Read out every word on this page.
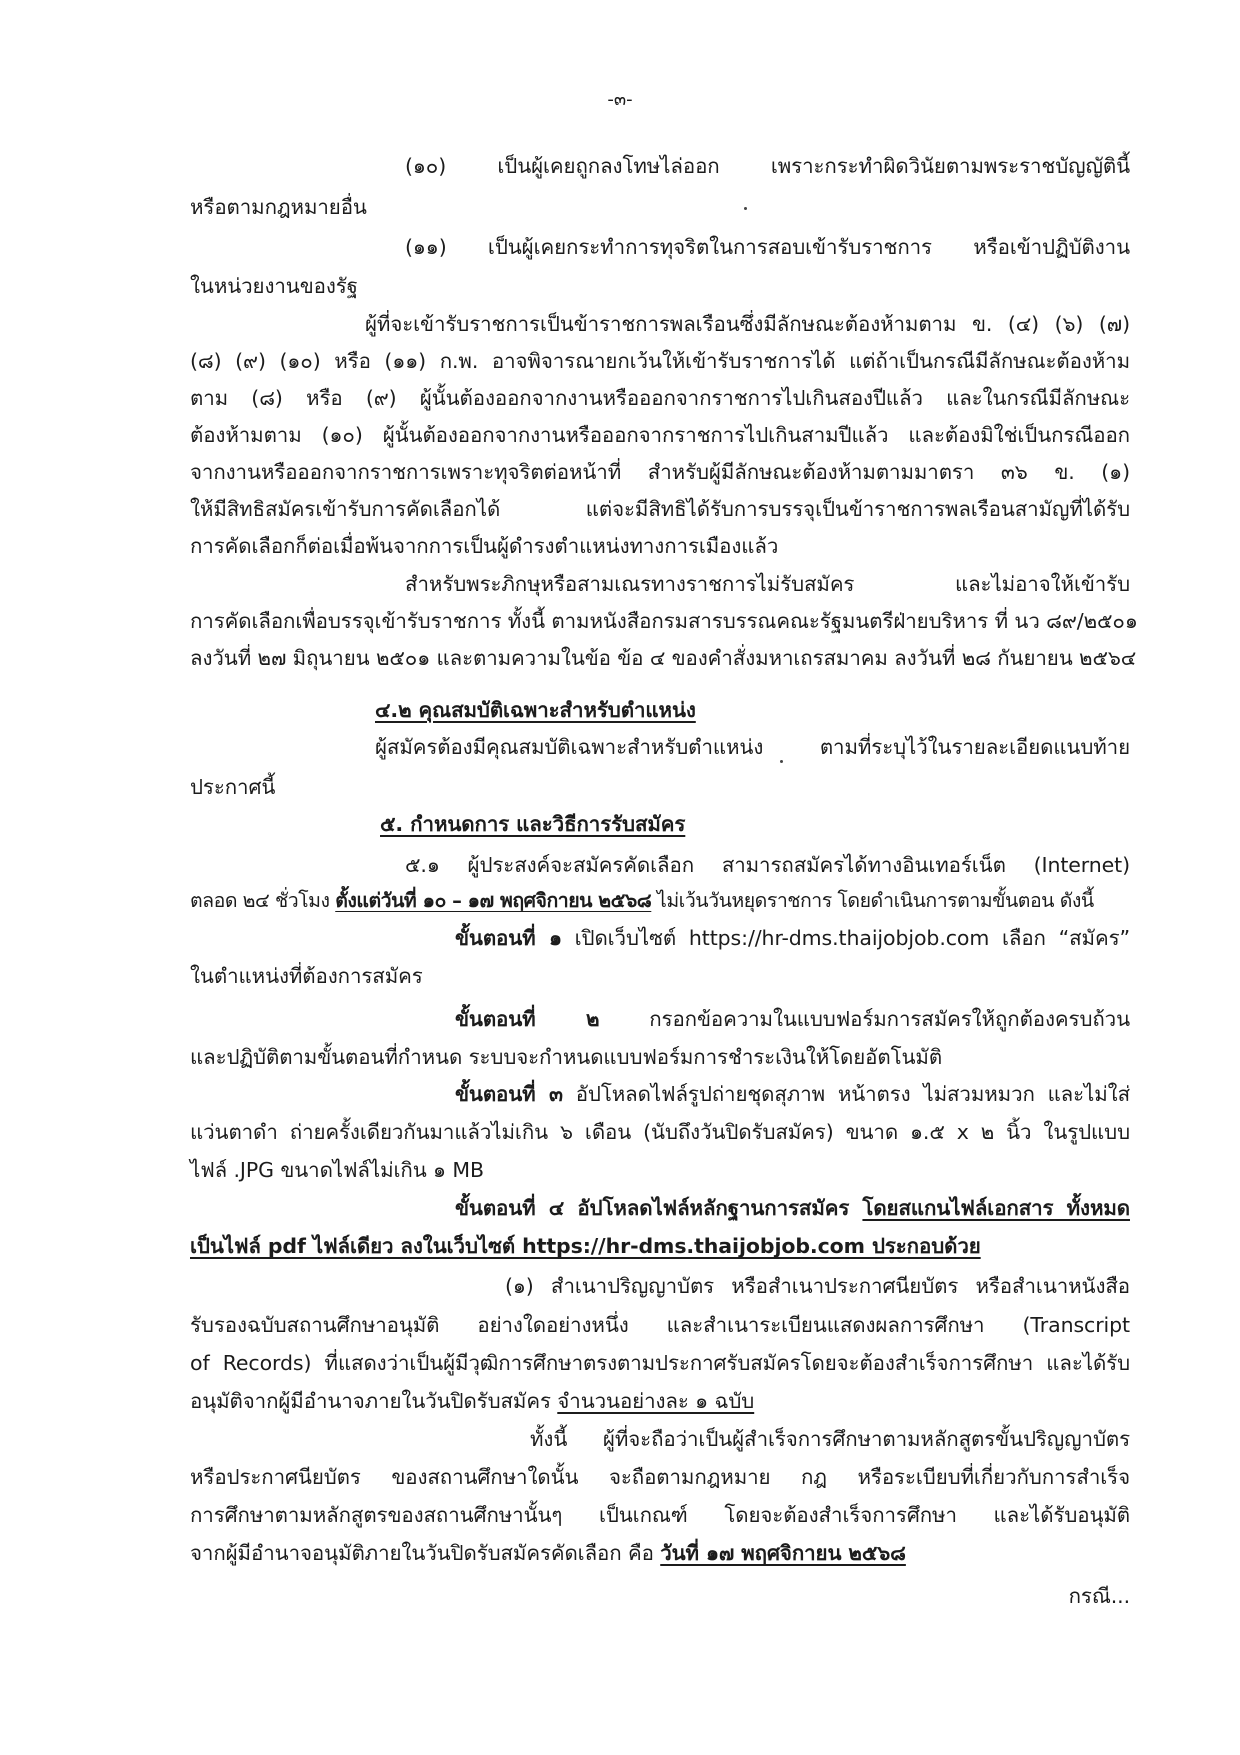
-๓-
(๑๐) เป็นผู้เคยถูกลงโทษไล่ออก เพราะกระทำผิดวินัยตามพระราชบัญญัตินี้
หรือตามกฎหมายอื่น
(๑๑) เป็นผู้เคยกระทำการทุจริตในการสอบเข้ารับราชการ หรือเข้าปฏิบัติงาน
ในหน่วยงานของรัฐ
ผู้ที่จะเข้ารับราชการเป็นข้าราชการพลเรือนซึ่งมีลักษณะต้องห้ามตาม ข. (๔) (๖) (๗)
(๘) (๙) (๑๐) หรือ (๑๑) ก.พ. อาจพิจารณายกเว้นให้เข้ารับราชการได้ แต่ถ้าเป็นกรณีมีลักษณะต้องห้าม
ตาม (๘) หรือ (๙) ผู้นั้นต้องออกจากงานหรือออกจากราชการไปเกินสองปีแล้ว และในกรณีมีลักษณะ
ต้องห้ามตาม (๑๐) ผู้นั้นต้องออกจากงานหรือออกจากราชการไปเกินสามปีแล้ว และต้องมิใช่เป็นกรณีออก
จากงานหรือออกจากราชการเพราะทุจริตต่อหน้าที่ สำหรับผู้มีลักษณะต้องห้ามตามมาตรา ๓๖ ข. (๑)
ให้มีสิทธิสมัครเข้ารับการคัดเลือกได้ แต่จะมีสิทธิได้รับการบรรจุเป็นข้าราชการพลเรือนสามัญที่ได้รับ
การคัดเลือกก็ต่อเมื่อพ้นจากการเป็นผู้ดำรงตำแหน่งทางการเมืองแล้ว
สำหรับพระภิกษุหรือสามเณรทางราชการไม่รับสมัคร และไม่อาจให้เข้ารับ
การคัดเลือกเพื่อบรรจุเข้ารับราชการ ทั้งนี้ ตามหนังสือกรมสารบรรณคณะรัฐมนตรีฝ่ายบริหาร ที่ นว ๘๙/๒๕๐๑
ลงวันที่ ๒๗ มิถุนายน ๒๕๐๑ และตามความในข้อ ข้อ ๔ ของคำสั่งมหาเถรสมาคม ลงวันที่ ๒๘ กันยายน ๒๕๖๔
๔.๒ คุณสมบัติเฉพาะสำหรับตำแหน่ง
ผู้สมัครต้องมีคุณสมบัติเฉพาะสำหรับตำแหน่ง ตามที่ระบุไว้ในรายละเอียดแนบท้าย
ประกาศนี้
๕. กำหนดการ และวิธีการรับสมัคร
๕.๑ ผู้ประสงค์จะสมัครคัดเลือก สามารถสมัครได้ทางอินเทอร์เน็ต (Internet)
ตลอด ๒๔ ชั่วโมง ตั้งแต่วันที่ ๑๐ – ๑๗ พฤศจิกายน ๒๕๖๘ ไม่เว้นวันหยุดราชการ โดยดำเนินการตามขั้นตอน ดังนี้
ขั้นตอนที่ ๑ เปิดเว็บไซต์ https://hr-dms.thaijobjob.com เลือก “สมัคร”
ในตำแหน่งที่ต้องการสมัคร
ขั้นตอนที่ ๒ กรอกข้อความในแบบฟอร์มการสมัครให้ถูกต้องครบถ้วน
และปฏิบัติตามขั้นตอนที่กำหนด ระบบจะกำหนดแบบฟอร์มการชำระเงินให้โดยอัตโนมัติ
ขั้นตอนที่ ๓ อัปโหลดไฟล์รูปถ่ายชุดสุภาพ หน้าตรง ไม่สวมหมวก และไม่ใส่
แว่นตาดำ ถ่ายครั้งเดียวกันมาแล้วไม่เกิน ๖ เดือน (นับถึงวันปิดรับสมัคร) ขนาด ๑.๕ x ๒ นิ้ว ในรูปแบบ
ไฟล์ .JPG ขนาดไฟล์ไม่เกิน ๑ MB
ขั้นตอนที่ ๔ อัปโหลดไฟล์หลักฐานการสมัคร โดยสแกนไฟล์เอกสาร ทั้งหมด
เป็นไฟล์ pdf ไฟล์เดียว ลงในเว็บไซต์ https://hr-dms.thaijobjob.com ประกอบด้วย
(๑) สำเนาปริญญาบัตร หรือสำเนาประกาศนียบัตร หรือสำเนาหนังสือ
รับรองฉบับสถานศึกษาอนุมัติ อย่างใดอย่างหนึ่ง และสำเนาระเบียนแสดงผลการศึกษา (Transcript
of Records) ที่แสดงว่าเป็นผู้มีวุฒิการศึกษาตรงตามประกาศรับสมัครโดยจะต้องสำเร็จการศึกษา และได้รับ
อนุมัติจากผู้มีอำนาจภายในวันปิดรับสมัคร จำนวนอย่างละ ๑ ฉบับ
ทั้งนี้ ผู้ที่จะถือว่าเป็นผู้สำเร็จการศึกษาตามหลักสูตรขั้นปริญญาบัตร
หรือประกาศนียบัตร ของสถานศึกษาใดนั้น จะถือตามกฎหมาย กฎ หรือระเบียบที่เกี่ยวกับการสำเร็จ
การศึกษาตามหลักสูตรของสถานศึกษานั้นๆ เป็นเกณฑ์ โดยจะต้องสำเร็จการศึกษา และได้รับอนุมัติ
จากผู้มีอำนาจอนุมัติภายในวันปิดรับสมัครคัดเลือก คือ วันที่ ๑๗ พฤศจิกายน ๒๕๖๘
กรณี...
